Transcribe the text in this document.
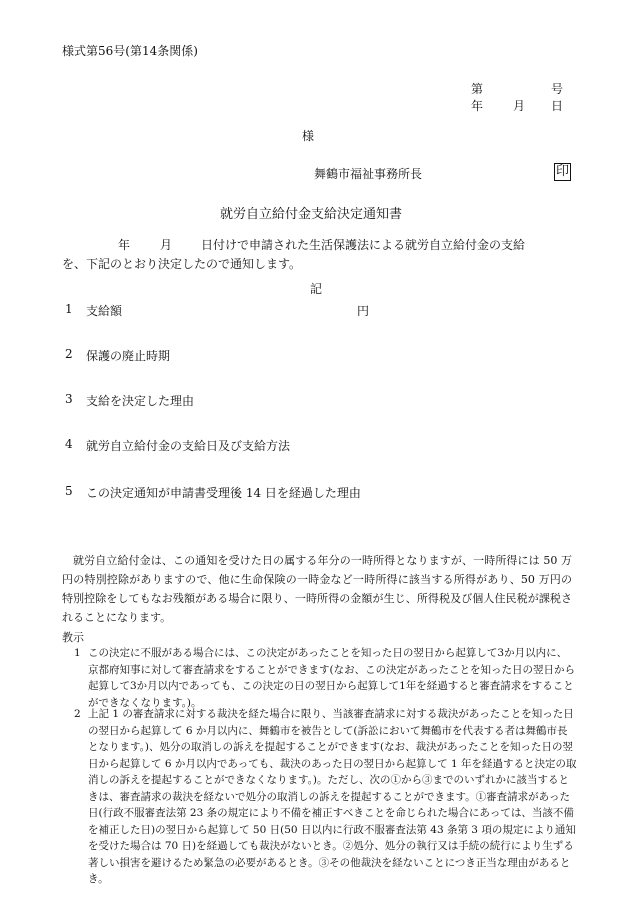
様式第56号(第14条関係)
第	号
年 月 日
様
舞鶴市福祉事務所長	印
就労自立給付金支給決定通知書
年 月 日付けで申請された生活保護法による就労自立給付金の支給
を、下記のとおり決定したので通知します。
記
1 支給額	円
2 保護の廃止時期
3 支給を決定した理由
4 就労自立給付金の支給日及び支給方法
5 この決定通知が申請書受理後 14 日を経過した理由
就労自立給付金は、この通知を受けた日の属する年分の一時所得となりますが、一時所得には 50 万円の特別控除がありますので、他に生命保険の一時金など一時所得に該当する所得があり、50 万円の特別控除をしてもなお残額がある場合に限り、一時所得の金額が生じ、所得税及び個人住民税が課税されることになります。
教示
1 この決定に不服がある場合には、この決定があったことを知った日の翌日から起算して3か月以内に、京都府知事に対して審査請求をすることができます(なお、この決定があったことを知った日の翌日から起算して3か月以内であっても、この決定の日の翌日から起算して1年を経過すると審査請求をすることができなくなります。)。
2 上記 1 の審査請求に対する裁決を経た場合に限り、当該審査請求に対する裁決があったことを知った日の翌日から起算して 6 か月以内に、舞鶴市を被告として(訴訟において舞鶴市を代表する者は舞鶴市長となります。)、処分の取消しの訴えを提起することができます(なお、裁決があったことを知った日の翌日から起算して 6 か月以内であっても、裁決のあった日の翌日から起算して 1 年を経過すると決定の取消しの訴えを提起することができなくなります。)。ただし、次の①から③までのいずれかに該当するときは、審査請求の裁決を経ないで処分の取消しの訴えを提起することができます。①審査請求があった日(行政不服審査法第 23 条の規定により不備を補正すべきことを命じられた場合にあっては、当該不備を補正した日)の翌日から起算して 50 日(50 日以内に行政不服審査法第 43 条第 3 項の規定により通知を受けた場合は 70 日)を経過しても裁決がないとき。②処分、処分の執行又は手続の続行により生ずる著しい損害を避けるため緊急の必要があるとき。③その他裁決を経ないことにつき正当な理由があるとき。
